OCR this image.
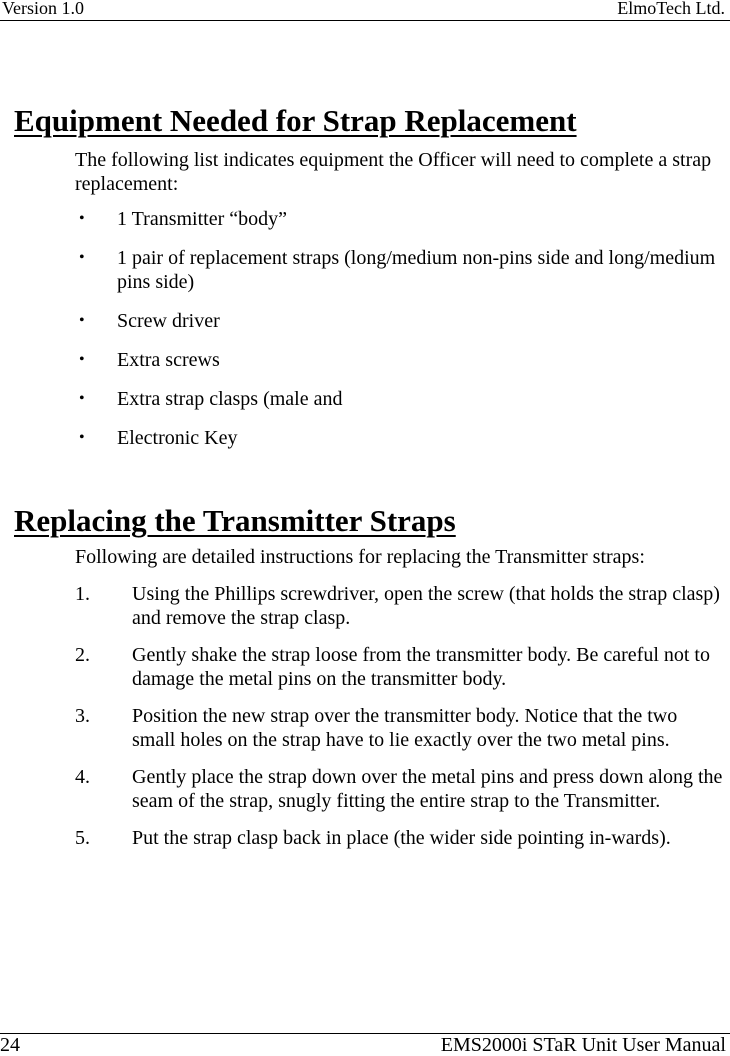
Version 1.0	ElmoTech Ltd.
Equipment Needed for Strap Replacement

The following list indicates equipment the Officer will need to complete a strap replacement:

• 1 Transmitter “body”
• 1 pair of replacement straps (long/medium non-pins side and long/medium pins side)
• Screw driver
• Extra screws
• Extra strap clasps (male and
• Electronic Key
Replacing the Transmitter Straps

Following are detailed instructions for replacing the Transmitter straps:

1. Using the Phillips screwdriver, open the screw (that holds the strap clasp) and remove the strap clasp.
2. Gently shake the strap loose from the transmitter body. Be careful not to damage the metal pins on the transmitter body.
3. Position the new strap over the transmitter body. Notice that the two small holes on the strap have to lie exactly over the two metal pins.
4. Gently place the strap down over the metal pins and press down along the seam of the strap, snugly fitting the entire strap to the Transmitter.
5. Put the strap clasp back in place (the wider side pointing in-wards).
24	EMS2000i STaR Unit User Manual
